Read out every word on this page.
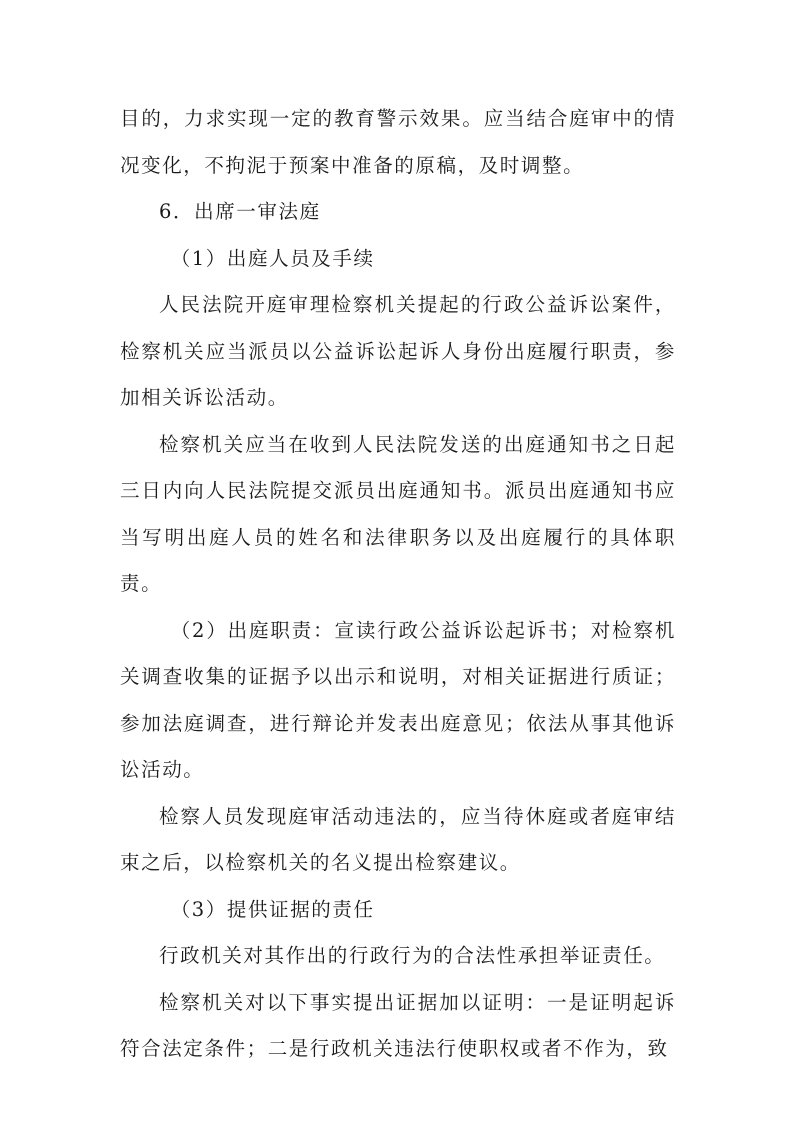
目的，力求实现一定的教育警示效果。应当结合庭审中的情况变化，不拘泥于预案中准备的原稿，及时调整。

6．出席一审法庭

（1）出庭人员及手续

人民法院开庭审理检察机关提起的行政公益诉讼案件，检察机关应当派员以公益诉讼起诉人身份出庭履行职责，参加相关诉讼活动。

检察机关应当在收到人民法院发送的出庭通知书之日起三日内向人民法院提交派员出庭通知书。派员出庭通知书应当写明出庭人员的姓名和法律职务以及出庭履行的具体职责。

（2）出庭职责：宣读行政公益诉讼起诉书；对检察机关调查收集的证据予以出示和说明，对相关证据进行质证；参加法庭调查，进行辩论并发表出庭意见；依法从事其他诉讼活动。

检察人员发现庭审活动违法的，应当待休庭或者庭审结束之后，以检察机关的名义提出检察建议。

（3）提供证据的责任

行政机关对其作出的行政行为的合法性承担举证责任。

检察机关对以下事实提出证据加以证明：一是证明起诉符合法定条件；二是行政机关违法行使职权或者不作为，致
